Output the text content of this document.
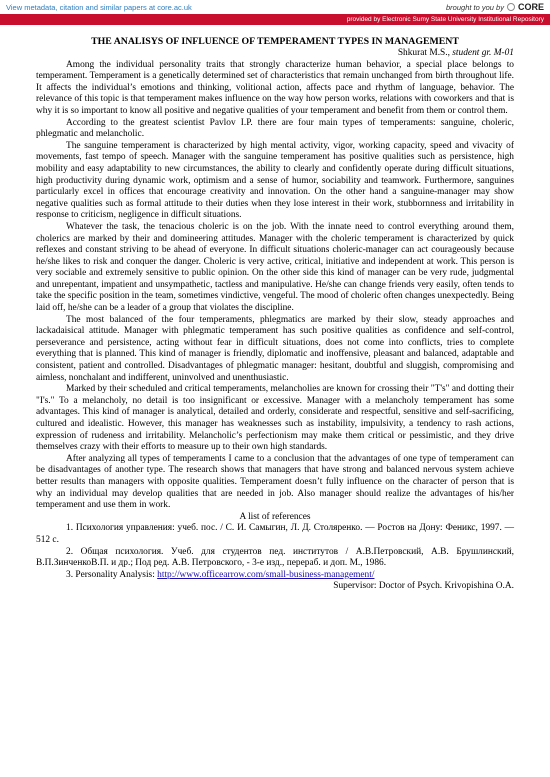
View metadata, citation and similar papers at core.ac.uk	brought to you by CORE
provided by Electronic Sumy State University Institutional Repository
THE ANALISYS OF INFLUENCE OF TEMPERAMENT TYPES IN MANAGEMENT
Shkurat M.S., student gr. M-01

Among the individual personality traits that strongly characterize human behavior, a special place belongs to temperament. Temperament is a genetically determined set of characteristics that remain unchanged from birth throughout life. It affects the individual’s emotions and thinking, volitional action, affects pace and rhythm of language, behavior. The relevance of this topic is that temperament makes influence on the way how person works, relations with coworkers and that is why it is so important to know all positive and negative qualities of your temperament and benefit from them or control them.

According to the greatest scientist Pavlov I.P. there are four main types of temperaments: sanguine, choleric, phlegmatic and melancholic.

The sanguine temperament is characterized by high mental activity, vigor, working capacity, speed and vivacity of movements, fast tempo of speech. Manager with the sanguine temperament has positive qualities such as persistence, high mobility and easy adaptability to new circumstances, the ability to clearly and confidently operate during difficult situations, high productivity during dynamic work, optimism and a sense of humor, sociability and teamwork. Furthermore, sanguines particularly excel in offices that encourage creativity and innovation. On the other hand a sanguine-manager may show negative qualities such as formal attitude to their duties when they lose interest in their work, stubbornness and irritability in response to criticism, negligence in difficult situations.

Whatever the task, the tenacious choleric is on the job. With the innate need to control everything around them, cholerics are marked by their and domineering attitudes. Manager with the choleric temperament is characterized by quick reflexes and constant striving to be ahead of everyone. In difficult situations choleric-manager can act courageously because he/she likes to risk and conquer the danger. Choleric is very active, critical, initiative and independent at work. This person is very sociable and extremely sensitive to public opinion. On the other side this kind of manager can be very rude, judgmental and unrepentant, impatient and unsympathetic, tactless and manipulative. He/she can change friends very easily, often tends to take the specific position in the team, sometimes vindictive, vengeful. The mood of choleric often changes unexpectedly. Being laid off, he/she can be a leader of a group that violates the discipline.

The most balanced of the four temperaments, phlegmatics are marked by their slow, steady approaches and lackadaisical attitude. Manager with phlegmatic temperament has such positive qualities as confidence and self-control, perseverance and persistence, acting without fear in difficult situations, does not come into conflicts, tries to complete everything that is planned. This kind of manager is friendly, diplomatic and inoffensive, pleasant and balanced, adaptable and consistent, patient and controlled. Disadvantages of phlegmatic manager: hesitant, doubtful and sluggish, compromising and aimless, nonchalant and indifferent, uninvolved and unenthusiastic.

Marked by their scheduled and critical temperaments, melancholies are known for crossing their "T's" and dotting their "I's." To a melancholy, no detail is too insignificant or excessive. Manager with a melancholy temperament has some advantages. This kind of manager is analytical, detailed and orderly, considerate and respectful, sensitive and self-sacrificing, cultured and idealistic. However, this manager has weaknesses such as instability, impulsivity, a tendency to rash actions, expression of rudeness and irritability. Melancholic’s perfectionism may make them critical or pessimistic, and they drive themselves crazy with their efforts to measure up to their own high standards.

After analyzing all types of temperaments I came to a conclusion that the advantages of one type of temperament can be disadvantages of another type. The research shows that managers that have strong and balanced nervous system achieve better results than managers with opposite qualities. Temperament doesn’t fully influence on the character of person that is why an individual may develop qualities that are needed in job. Also manager should realize the advantages of his/her temperament and use them in work.

A list of references

1. Психология управления: учеб. пос. / С. И. Самыгин, Л. Д. Столяренко. — Ростов на Дону: Феникс, 1997. — 512 с.

2. Общая психология. Учеб. для студентов пед. институтов / А.В.Петровский, А.В. Брушлинский, В.П.ЗинченкоВ.П. и др.; Под ред. А.В. Петровского, - 3-е изд., перераб. и доп. М., 1986.

3. Personality Analysis: http://www.officearrow.com/small-business-management/

Supervisor: Doctor of Psych. Krivopishina O.A.
